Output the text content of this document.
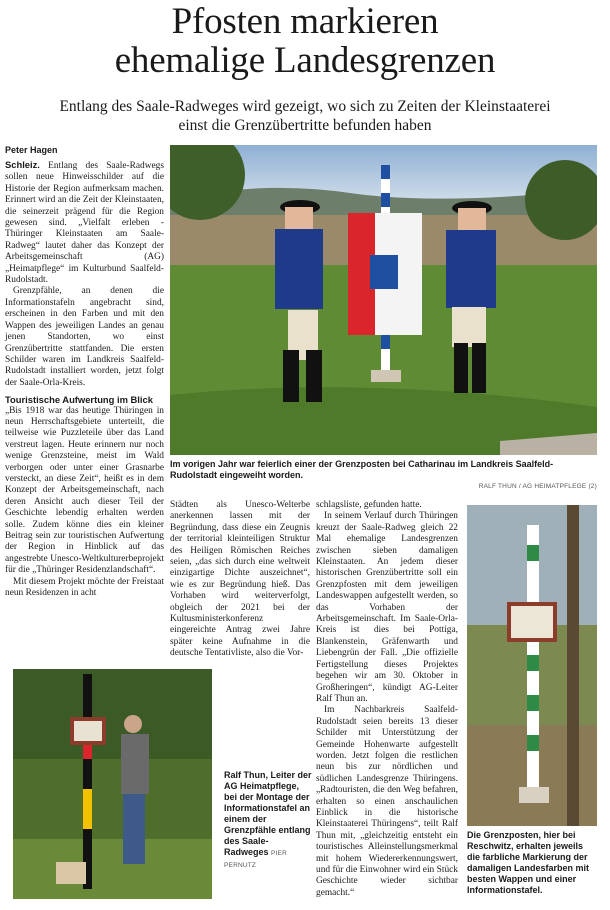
Pfosten markieren
ehemalige Landesgrenzen
Entlang des Saale-Radweges wird gezeigt, wo sich zu Zeiten der Kleinstaaterei
einst die Grenzübertritte befunden haben
Peter Hagen

Schleiz. Entlang des Saale-Radwegs sollen neue Hinweisschilder auf die Historie der Region aufmerksam machen. Erinnert wird an die Zeit der Kleinstaaten, die seinerzeit prägend für die Region gewesen sind. „Vielfalt erleben - Thüringer Kleinstaaten am Saale-Radweg“ lautet daher das Konzept der Arbeitsgemeinschaft (AG) „Heimatpflege“ im Kulturbund Saalfeld-Rudolstadt.

Grenzpfähle, an denen die Informationstafeln angebracht sind, erscheinen in den Farben und mit den Wappen des jeweiligen Landes an genau jenen Standorten, wo einst Grenzübertritte stattfanden. Die ersten Schilder waren im Landkreis Saalfeld-Rudolstadt installiert worden, jetzt folgt der Saale-Orla-Kreis.

Touristische Aufwertung im Blick

„Bis 1918 war das heutige Thüringen in neun Herrschaftsgebiete unterteilt, die teilweise wie Puzzleteile über das Land verstreut lagen. Heute erinnern nur noch wenige Grenzsteine, meist im Wald verborgen oder unter einer Grasnarbe versteckt, an diese Zeit“, heißt es in dem Konzept der Arbeitsgemeinschaft, nach deren Ansicht auch dieser Teil der Geschichte lebendig erhalten werden solle. Zudem könne dies ein kleiner Beitrag sein zur touristischen Aufwertung der Region in Hinblick auf das angestrebte Unesco-Weltkulturerbeprojekt für die „Thüringer Residenzlandschaft“.

Mit diesem Projekt möchte der Freistaat neun Residenzen in acht

Im vorigen Jahr war feierlich einer der Grenzposten bei Catharinau im Landkreis Saalfeld-Rudolstadt eingeweiht worden.
RALF THUN / AG HEIMATPFLEGE (2)

Städten als Unesco-Welterbe anerkennen lassen mit der Begründung, dass diese ein Zeugnis der territorial kleinteiligen Struktur des Heiligen Römischen Reiches seien, „das sich durch eine weltweit einzigartige Dichte auszeichnet“, wie es zur Begründung hieß. Das Vorhaben wird weiterverfolgt, obgleich der 2021 bei der Kultusministerkonferenz eingereichte Antrag zwei Jahre später keine Aufnahme in die deutsche Tentativliste, also die Vor-

schlagsliste, gefunden hatte.

In seinem Verlauf durch Thüringen kreuzt der Saale-Radweg gleich 22 Mal ehemalige Landesgrenzen zwischen sieben damaligen Kleinstaaten. An jedem dieser historischen Grenzübertritte soll ein Grenzpfosten mit dem jeweiligen Landeswappen aufgestellt werden, so das Vorhaben der Arbeitsgemeinschaft. Im Saale-Orla-Kreis ist dies bei Pottiga, Blankenstein, Gräfenwarth und Liebengrün der Fall. „Die offizielle Fertigstellung dieses Projektes begehen wir am 30. Oktober in Großheringen“, kündigt AG-Leiter Ralf Thun an.

Im Nachbarkreis Saalfeld-Rudolstadt seien bereits 13 dieser Schilder mit Unterstützung der Gemeinde Hohenwarte aufgestellt worden. Jetzt folgen die restlichen neun bis zur nördlichen und südlichen Landesgrenze Thüringens. „Radtouristen, die den Weg befahren, erhalten so einen anschaulichen Einblick in die historische Kleinstaaterei Thüringens“, teilt Ralf Thun mit, „gleichzeitig entsteht ein touristisches Alleinstellungsmerkmal mit hohem Wiedererkennungswert, und für die Einwohner wird ein Stück Geschichte wieder sichtbar gemacht.“

Ralf Thun, Leiter der AG Heimatpflege, bei der Montage der Informationstafel an einem der Grenzpfähle entlang des Saale-Radweges PIER PERNUTZ
Die Grenzposten, hier bei Reschwitz, erhalten jeweils die farbliche Markierung der damaligen Landesfarben mit besten Wappen und einer Informationstafel.
